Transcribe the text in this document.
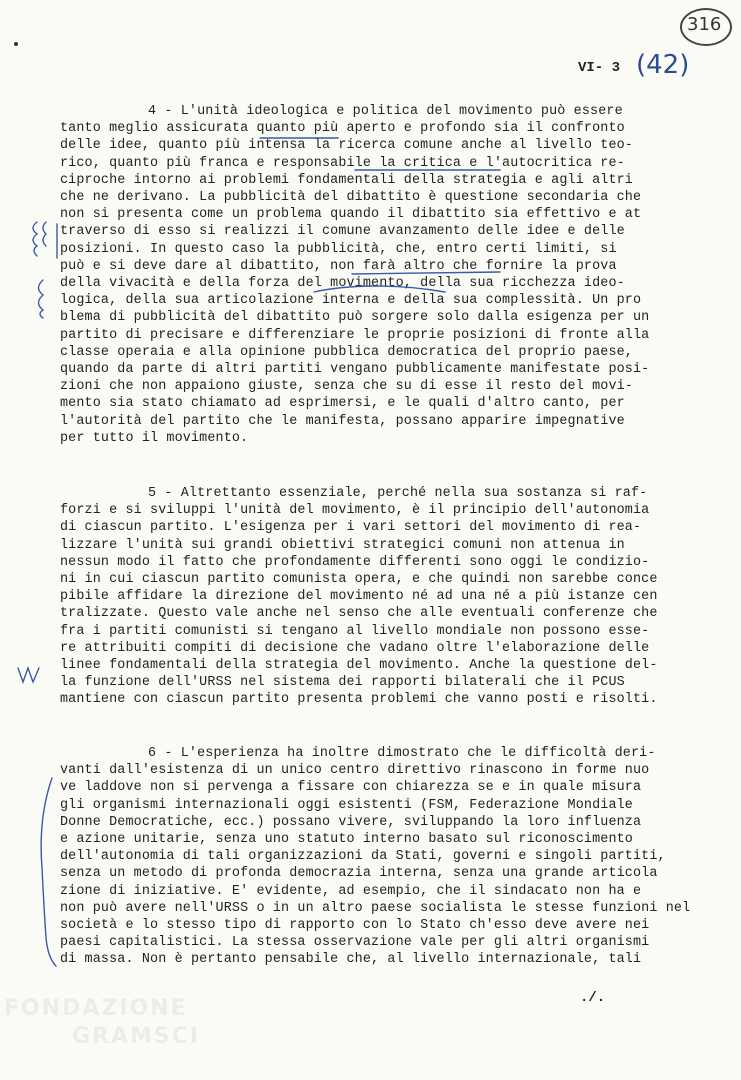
316
VI- 3 (42)
4 - L'unità ideologica e politica del movimento può essere
tanto meglio assicurata quanto più aperto e profondo sia il confronto
delle idee, quanto più intensa la ricerca comune anche al livello teo-
rico, quanto più franca e responsabile la critica e l'autocritica re-
ciproche intorno ai problemi fondamentali della strategia e agli altri
che ne derivano. La pubblicità del dibattito è questione secondaria che
non si presenta come un problema quando il dibattito sia effettivo e at
traverso di esso si realizzi il comune avanzamento delle idee e delle
posizioni. In questo caso la pubblicità, che, entro certi limiti, si
può e si deve dare al dibattito, non farà altro che fornire la prova
della vivacità e della forza del movimento, della sua ricchezza ideo-
logica, della sua articolazione interna e della sua complessità. Un pro
blema di pubblicità del dibattito può sorgere solo dalla esigenza per un
partito di precisare e differenziare le proprie posizioni di fronte alla
classe operaia e alla opinione pubblica democratica del proprio paese,
quando da parte di altri partiti vengano pubblicamente manifestate posi-
zioni che non appaiono giuste, senza che su di esse il resto del movi-
mento sia stato chiamato ad esprimersi, e le quali d'altro canto, per
l'autorità del partito che le manifesta, possano apparire impegnative
per tutto il movimento.
5 - Altrettanto essenziale, perché nella sua sostanza si raf-
forzi e si sviluppi l'unità del movimento, è il principio dell'autonomia
di ciascun partito. L'esigenza per i vari settori del movimento di rea-
lizzare l'unità sui grandi obiettivi strategici comuni non attenua in
nessun modo il fatto che profondamente differenti sono oggi le condizio-
ni in cui ciascun partito comunista opera, e che quindi non sarebbe conce
pibile affidare la direzione del movimento né ad una né a più istanze cen
tralizzate. Questo vale anche nel senso che alle eventuali conferenze che
fra i partiti comunisti si tengano al livello mondiale non possono esse-
re attribuiti compiti di decisione che vadano oltre l'elaborazione delle
linee fondamentali della strategia del movimento. Anche la questione del-
la funzione dell'URSS nel sistema dei rapporti bilaterali che il PCUS
mantiene con ciascun partito presenta problemi che vanno posti e risolti.
6 - L'esperienza ha inoltre dimostrato che le difficoltà deri-
vanti dall'esistenza di un unico centro direttivo rinascono in forme nuo
ve laddove non si pervenga a fissare con chiarezza se e in quale misura
gli organismi internazionali oggi esistenti (FSM, Federazione Mondiale
Donne Democratiche, ecc.) possano vivere, sviluppando la loro influenza
e azione unitarie, senza uno statuto interno basato sul riconoscimento
dell'autonomia di tali organizzazioni da Stati, governi e singoli partiti,
senza un metodo di profonda democrazia interna, senza una grande articola
zione di iniziative. E' evidente, ad esempio, che il sindacato non ha e
non può avere nell'URSS o in un altro paese socialista le stesse funzioni nel
società e lo stesso tipo di rapporto con lo Stato ch'esso deve avere nei
paesi capitalistici. La stessa osservazione vale per gli altri organismi
di massa. Non è pertanto pensabile che, al livello internazionale, tali
./.
FONDAZIONE
GRAMSCI
